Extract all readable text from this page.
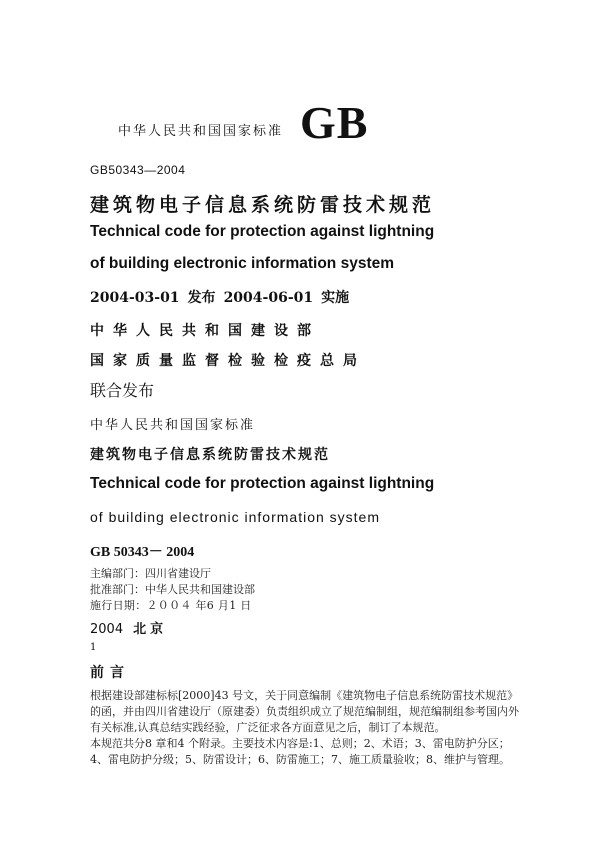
中华人民共和国国家标准 GB
GB50343—2004
建筑物电子信息系统防雷技术规范
Technical code for protection against lightning
of building electronic information system
2004-03-01 发布 2004-06-01 实施
中华人民共和国建设部
国家质量监督检验检疫总局
联合发布
中华人民共和国国家标准
建筑物电子信息系统防雷技术规范
Technical code for protection against lightning
of building electronic information system
GB 50343－ 2004
主编部门：四川省建设厅
批准部门：中华人民共和国建设部
施行日期：２００４ 年6 月1 日
2004 北京
1
前言
根据建设部建标标[2000]43 号文，关于同意编制《建筑物电子信息系统防雷技术规范》的函，并由四川省建设厅（原建委）负责组织成立了规范编制组，规范编制组参考国内外有关标准,认真总结实践经验，广泛征求各方面意见之后，制订了本规范。
本规范共分8 章和4 个附录。主要技术内容是:1、总则；2、术语；3、雷电防护分区；4、雷电防护分级；5、防雷设计；6、防雷施工；7、施工质量验收；8、维护与管理。
